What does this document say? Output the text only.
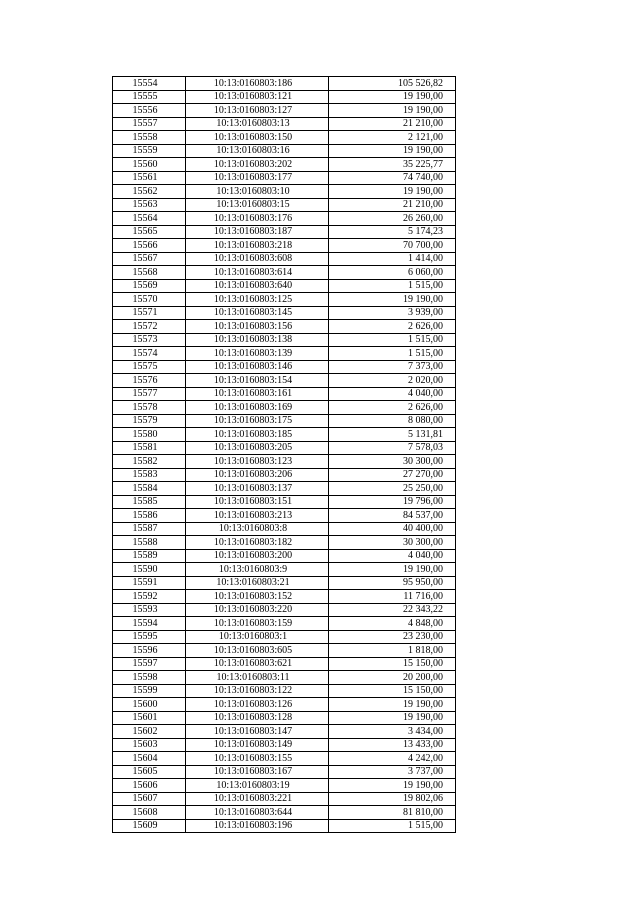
15554	10:13:0160803:186	105 526,82
15555	10:13:0160803:121	19 190,00
15556	10:13:0160803:127	19 190,00
15557	10:13:0160803:13	21 210,00
15558	10:13:0160803:150	2 121,00
15559	10:13:0160803:16	19 190,00
15560	10:13:0160803:202	35 225,77
15561	10:13:0160803:177	74 740,00
15562	10:13:0160803:10	19 190,00
15563	10:13:0160803:15	21 210,00
15564	10:13:0160803:176	26 260,00
15565	10:13:0160803:187	5 174,23
15566	10:13:0160803:218	70 700,00
15567	10:13:0160803:608	1 414,00
15568	10:13:0160803:614	6 060,00
15569	10:13:0160803:640	1 515,00
15570	10:13:0160803:125	19 190,00
15571	10:13:0160803:145	3 939,00
15572	10:13:0160803:156	2 626,00
15573	10:13:0160803:138	1 515,00
15574	10:13:0160803:139	1 515,00
15575	10:13:0160803:146	7 373,00
15576	10:13:0160803:154	2 020,00
15577	10:13:0160803:161	4 040,00
15578	10:13:0160803:169	2 626,00
15579	10:13:0160803:175	8 080,00
15580	10:13:0160803:185	5 131,81
15581	10:13:0160803:205	7 578,03
15582	10:13:0160803:123	30 300,00
15583	10:13:0160803:206	27 270,00
15584	10:13:0160803:137	25 250,00
15585	10:13:0160803:151	19 796,00
15586	10:13:0160803:213	84 537,00
15587	10:13:0160803:8	40 400,00
15588	10:13:0160803:182	30 300,00
15589	10:13:0160803:200	4 040,00
15590	10:13:0160803:9	19 190,00
15591	10:13:0160803:21	95 950,00
15592	10:13:0160803:152	11 716,00
15593	10:13:0160803:220	22 343,22
15594	10:13:0160803:159	4 848,00
15595	10:13:0160803:1	23 230,00
15596	10:13:0160803:605	1 818,00
15597	10:13:0160803:621	15 150,00
15598	10:13:0160803:11	20 200,00
15599	10:13:0160803:122	15 150,00
15600	10:13:0160803:126	19 190,00
15601	10:13:0160803:128	19 190,00
15602	10:13:0160803:147	3 434,00
15603	10:13:0160803:149	13 433,00
15604	10:13:0160803:155	4 242,00
15605	10:13:0160803:167	3 737,00
15606	10:13:0160803:19	19 190,00
15607	10:13:0160803:221	19 802,06
15608	10:13:0160803:644	81 810,00
15609	10:13:0160803:196	1 515,00
